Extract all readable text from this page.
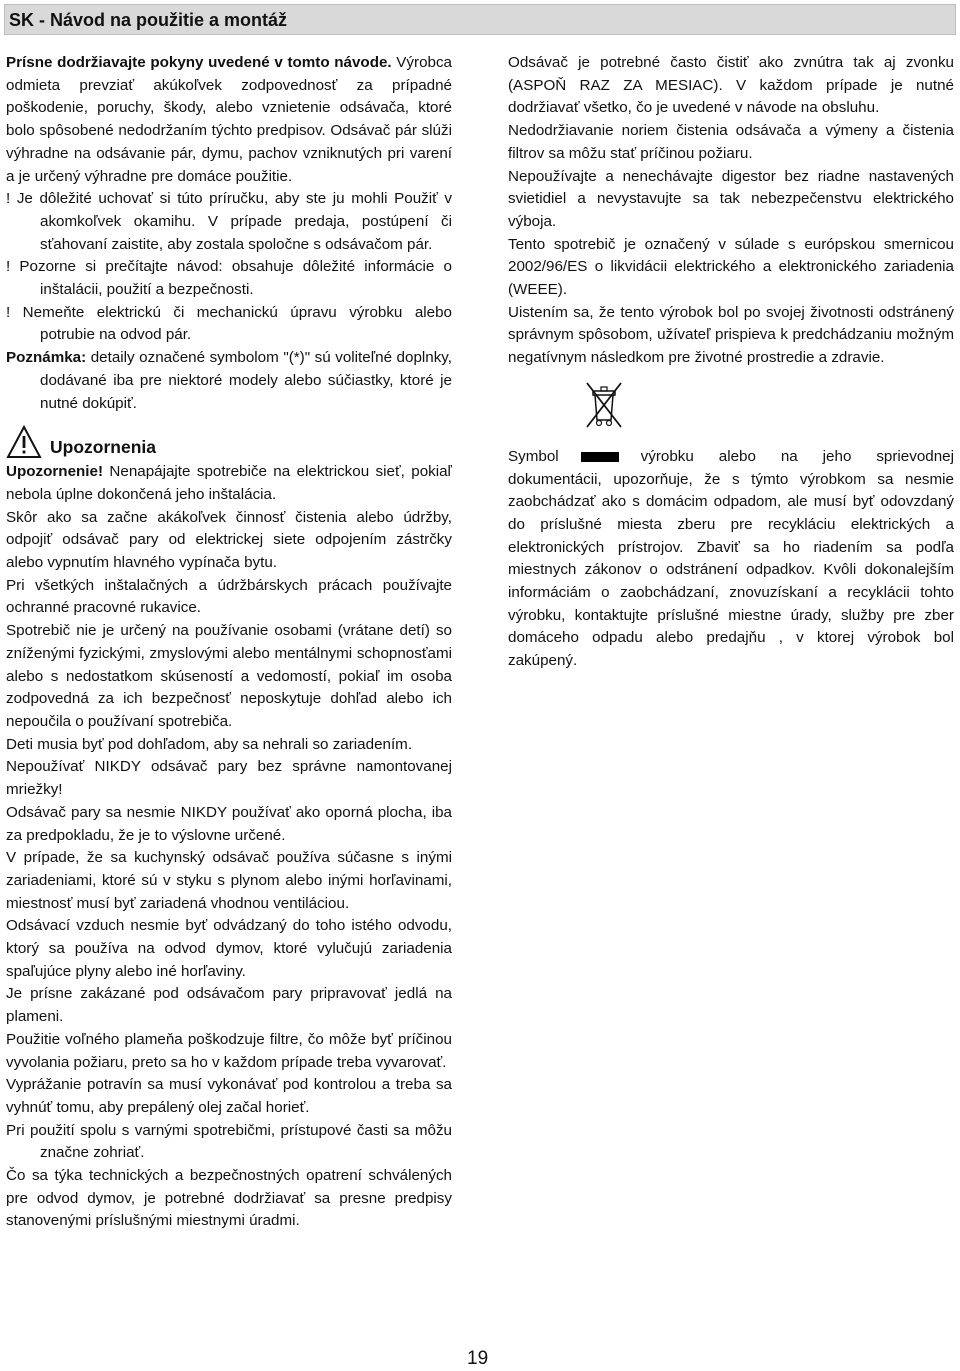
SK - Návod na použitie a montáž

Prísne dodržiavajte pokyny uvedené v tomto návode. Výrobca odmieta prevziať akúkoľvek zodpovednosť za prípadné poškodenie, poruchy, škody, alebo vznietenie odsávača, ktoré bolo spôsobené nedodržaním týchto predpisov. Odsávač pár slúži výhradne na odsávanie pár, dymu, pachov vzniknutých pri varení a je určený výhradne pre domáce použitie.

! Je dôležité uchovať si túto príručku, aby ste ju mohli Použiť v akomkoľvek okamihu. V prípade predaja, postúpení či sťahovaní zaistite, aby zostala spoločne s odsávačom pár.

! Pozorne si prečítajte návod: obsahuje dôležité informácie o inštalácii, použití a bezpečnosti.

! Nemeňte elektrickú či mechanickú úpravu výrobku alebo potrubie na odvod pár.

Poznámka: detaily označené symbolom "(*)" sú voliteľné doplnky, dodávané iba pre niektoré modely alebo súčiastky, ktoré je nutné dokúpiť.

Upozornenia

Upozornenie! Nenapájajte spotrebiče na elektrickou sieť, pokiaľ nebola úplne dokončená jeho inštalácia.

Skôr ako sa začne akákoľvek činnosť čistenia alebo údržby, odpojiť odsávač pary od elektrickej siete odpojením zástrčky alebo vypnutím hlavného vypínača bytu.

Pri všetkých inštalačných a údržbárskych prácach používajte ochranné pracovné rukavice.

Spotrebič nie je určený na používanie osobami (vrátane detí) so zníženými fyzickými, zmyslovými alebo mentálnymi schopnosťami alebo s nedostatkom skúseností a vedomostí, pokiaľ im osoba zodpovedná za ich bezpečnosť neposkytuje dohľad alebo ich nepoučila o používaní spotrebiča.

Deti musia byť pod dohľadom, aby sa nehrali so zariadením.

Nepoužívať NIKDY odsávač pary bez správne namontovanej mriežky!

Odsávač pary sa nesmie NIKDY používať ako oporná plocha, iba za predpokladu, že je to výslovne určené.

V prípade, že sa kuchynský odsávač používa súčasne s inými zariadeniami, ktoré sú v styku s plynom alebo inými horľavinami, miestnosť musí byť zariadená vhodnou ventiláciou.

Odsávací vzduch nesmie byť odvádzaný do toho istého odvodu, ktorý sa používa na odvod dymov, ktoré vylučujú zariadenia spaľujúce plyny alebo iné horľaviny.

Je prísne zakázané pod odsávačom pary pripravovať jedlá na plameni.

Použitie voľného plameňa poškodzuje filtre, čo môže byť príčinou vyvolania požiaru, preto sa ho v každom prípade treba vyvarovať.

Vyprážanie potravín sa musí vykonávať pod kontrolou a treba sa vyhnúť tomu, aby prepálený olej začal horieť.

Pri použití spolu s varnými spotrebičmi, prístupové časti sa môžu značne zohriať.

Čo sa týka technických a bezpečnostných opatrení schválených pre odvod dymov, je potrebné dodržiavať sa presne predpisy stanovenými príslušnými miestnymi úradmi.

Odsávač je potrebné často čistiť ako zvnútra tak aj zvonku (ASPOŇ RAZ ZA MESIAC). V každom prípade je nutné dodržiavať všetko, čo je uvedené v návode na obsluhu.

Nedodržiavanie noriem čistenia odsávača a výmeny a čistenia filtrov sa môžu stať príčinou požiaru.

Nepoužívajte a nenechávajte digestor bez riadne nastavených svietidiel a nevystavujte sa tak nebezpečenstvu elektrického výboja.

Tento spotrebič je označený v súlade s európskou smernicou 2002/96/ES o likvidácii elektrického a elektronického zariadenia (WEEE).

Uistením sa, že tento výrobok bol po svojej životnosti odstránený správnym spôsobom, užívateľ prispieva k predchádzaniu možným negatívnym následkom pre životné prostredie a zdravie.

Symbol	výrobku alebo na jeho sprievodnej dokumentácii, upozorňuje, že s týmto výrobkom sa nesmie zaobchádzať ako s domácim odpadom, ale musí byť odovzdaný do príslušné miesta zberu pre recykláciu elektrických a elektronických prístrojov. Zbaviť sa ho riadením sa podľa miestnych zákonov o odstránení odpadkov. Kvôli dokonalejším informáciám o zaobchádzaní, znovuzískaní a recyklácii tohto výrobku, kontaktujte príslušné miestne úrady, služby pre zber domáceho odpadu alebo predajňu , v ktorej výrobok bol zakúpený.

19
